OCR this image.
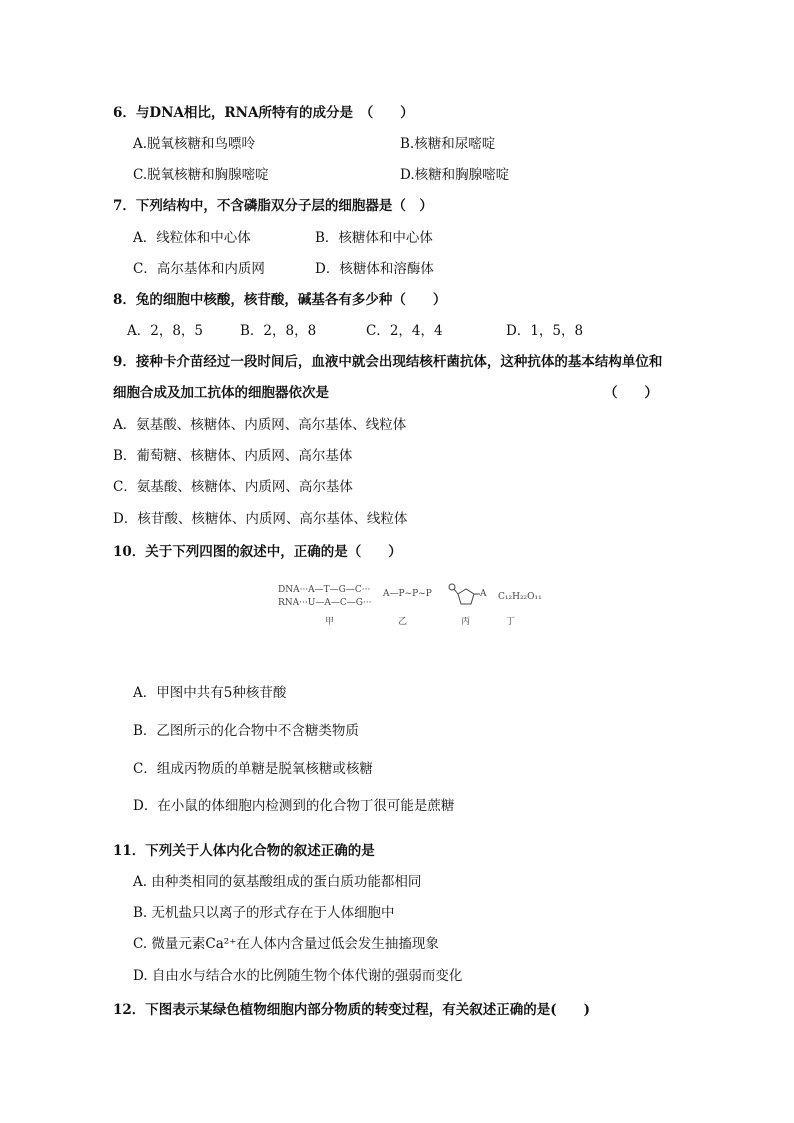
6．与DNA相比，RNA所特有的成分是　（　　）
A.脱氧核糖和鸟嘌呤	B.核糖和尿嘧啶
C.脱氧核糖和胸腺嘧啶	D.核糖和胸腺嘧啶
7．下列结构中，不含磷脂双分子层的细胞器是（　）
A．线粒体和中心体	B．核糖体和中心体
C．高尔基体和内质网	D．核糖体和溶酶体
8．兔的细胞中核酸，核苷酸，碱基各有多少种（　　）
A．2，8，5	B．2，8，8	C．2，4，4	D．1，5，8
9．接种卡介苗经过一段时间后，血液中就会出现结核杆菌抗体，这种抗体的基本结构单位和
细胞合成及加工抗体的细胞器依次是	（　　）
A．氨基酸、核糖体、内质网、高尔基体、线粒体
B．葡萄糖、核糖体、内质网、高尔基体
C．氨基酸、核糖体、内质网、高尔基体
D．核苷酸、核糖体、内质网、高尔基体、线粒体
10．关于下列四图的叙述中，正确的是（　　）
DNA···A—T—G—C···
RNA···U—A—C—G···
A—P~P~P	A C₁₂H₂₂O₁₁
甲	乙	丙	丁
A．甲图中共有5种核苷酸
B．乙图所示的化合物中不含糖类物质
C．组成丙物质的单糖是脱氧核糖或核糖
D．在小鼠的体细胞内检测到的化合物丁很可能是蔗糖
11．下列关于人体内化合物的叙述正确的是
A. 由种类相同的氨基酸组成的蛋白质功能都相同
B. 无机盐只以离子的形式存在于人体细胞中
C. 微量元素Ca²⁺在人体内含量过低会发生抽搐现象
D. 自由水与结合水的比例随生物个体代谢的强弱而变化
12．下图表示某绿色植物细胞内部分物质的转变过程，有关叙述正确的是(　　)
